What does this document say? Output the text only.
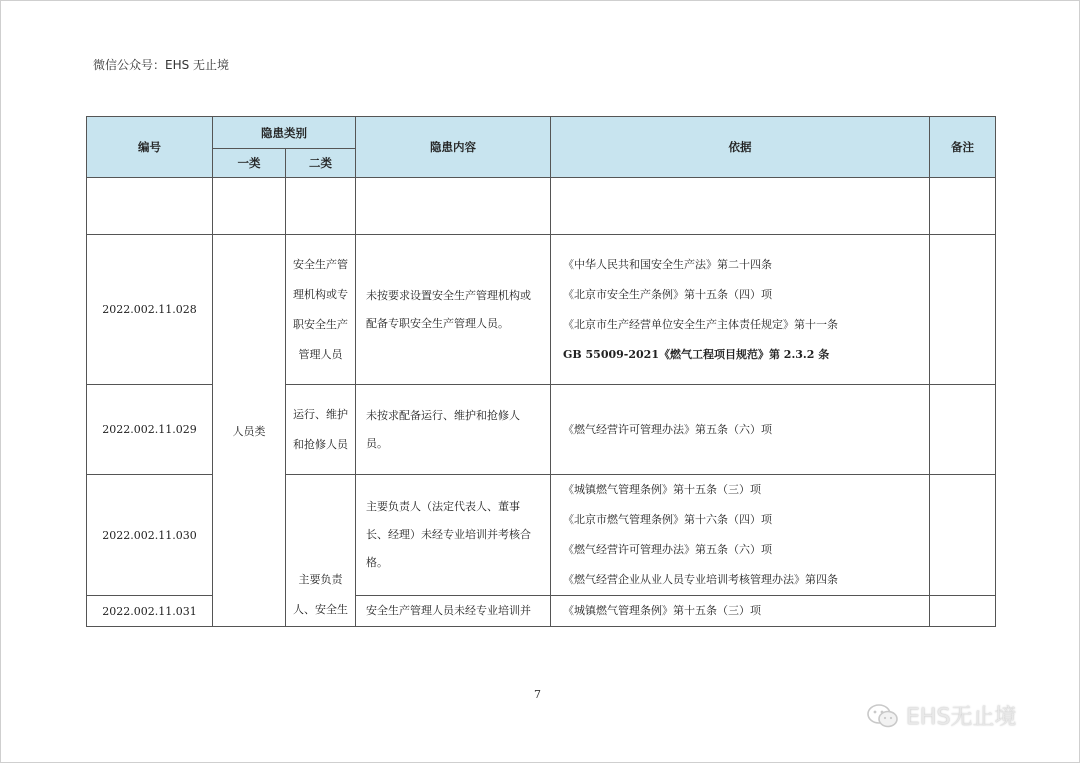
微信公众号：EHS 无止境
编号	隐患类别		隐患内容	依据	备注
	一类	二类			

2022.002.11.028	人员类	安全生产管理机构或专职安全生产管理人员	未按要求设置安全生产管理机构或配备专职安全生产管理人员。	《中华人民共和国安全生产法》第二十四条
《北京市安全生产条例》第十五条（四）项
《北京市生产经营单位安全生产主体责任规定》第十一条
GB 55009-2021《燃气工程项目规范》第 2.3.2 条	

2022.002.11.029		运行、维护和抢修人员	未按求配备运行、维护和抢修人员。	《燃气经营许可管理办法》第五条（六）项	

2022.002.11.030		主要负责人、安全生	主要负责人（法定代表人、董事长、经理）未经专业培训并考核合格。	《城镇燃气管理条例》第十五条（三）项
《北京市燃气管理条例》第十六条（四）项
《燃气经营许可管理办法》第五条（六）项
《燃气经营企业从业人员专业培训考核管理办法》第四条	

2022.002.11.031			安全生产管理人员未经专业培训并	《城镇燃气管理条例》第十五条（三）项	

7
EHS无止境
